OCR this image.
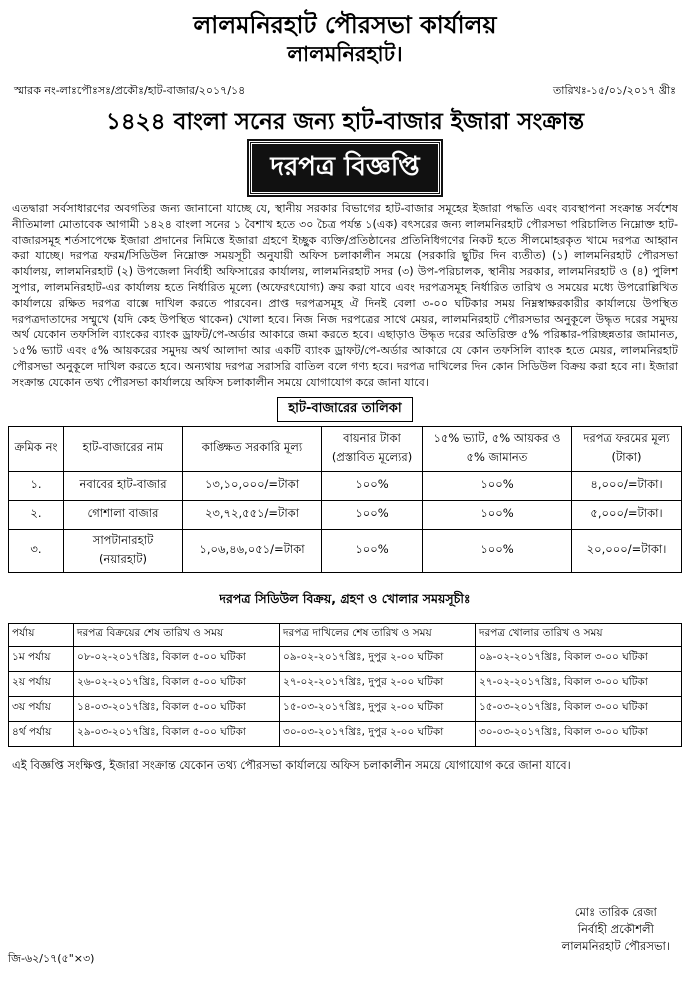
লালমনিরহাট পৌরসভা কার্যালয়
লালমনিরহাট।
স্মারক নং-লাঃপৌঃসঃ/প্রকৌঃ/হাট-বাজার/২০১৭/১৪	তারিখঃ-১৫/০১/২০১৭ খ্রীঃ
১৪২৪ বাংলা সনের জন্য হাট-বাজার ইজারা সংক্রান্ত
দরপত্র বিজ্ঞপ্তি
এতদ্বারা সর্বসাধারণের অবগতির জন্য জানানো যাচ্ছে যে, স্থানীয় সরকার বিভাগের হাট-বাজার সমূহের ইজারা পদ্ধতি এবং ব্যবস্থাপনা সংক্রান্ত সর্বশেষ নীতিমালা মোতাবেক আগামী ১৪২৪ বাংলা সনের ১ বৈশাখ হতে ৩০ চৈত্র পর্যন্ত ১(এক) বৎসরের জন্য লালমনিরহাট পৌরসভা পরিচালিত নিম্নোক্ত হাট-বাজারসমূহ শর্তসাপেক্ষে ইজারা প্রদানের নিমিত্তে ইজারা গ্রহণে ইচ্ছুক ব্যক্তি/প্রতিষ্ঠানের প্রতিনিধিগণের নিকট হতে সীলমোহরকৃত খামে দরপত্র আহ্বান করা যাচ্ছে। দরপত্র ফরম/সিডিউল নিম্নোক্ত সময়সূচী অনুযায়ী অফিস চলাকালীন সময়ে (সরকারি ছুটির দিন ব্যতীত) (১) লালমনিরহাট পৌরসভা কার্যালয়, লালমনিরহাট (২) উপজেলা নির্বাহী অফিসারের কার্যালয়, লালমনিরহাট সদর (৩) উপ-পরিচালক, স্থানীয় সরকার, লালমনিরহাট ও (৪) পুলিশ সুপার, লালমনিরহাট-এর কার্যালয় হতে নির্ধারিত মূল্যে (অফেরৎযোগ্য) ক্রয় করা যাবে এবং দরপত্রসমূহ নির্ধারিত তারিখ ও সময়ের মধ্যে উপরোল্লিখিত কার্যালয়ে রক্ষিত দরপত্র বাক্সে দাখিল করতে পারবেন। প্রাপ্ত দরপত্রসমূহ ঐ দিনই বেলা ৩-০০ ঘটিকার সময় নিম্নস্বাক্ষরকারীর কার্যালয়ে উপস্থিত দরপত্রদাতাদের সম্মুখে (যদি কেহ উপস্থিত থাকেন) খোলা হবে। নিজ নিজ দরপত্রের সাথে মেয়র, লালমনিরহাট পৌরসভার অনুকূলে উদ্ধৃত দরের সমুদয় অর্থ যেকোন তফসিলি ব্যাংকের ব্যাংক ড্রাফট/পে-অর্ডার আকারে জমা করতে হবে। এছাড়াও উদ্ধৃত দরের অতিরিক্ত ৫% পরিষ্কার-পরিচ্ছন্নতার জামানত, ১৫% ভ্যাট এবং ৫% আয়করের সমুদয় অর্থ আলাদা আর একটি ব্যাংক ড্রাফট/পে-অর্ডার আকারে যে কোন তফসিলি ব্যাংক হতে মেয়র, লালমনিরহাট পৌরসভা অনুকূলে দাখিল করতে হবে। অন্যথায় দরপত্র সরাসরি বাতিল বলে গণ্য হবে। দরপত্র দাখিলের দিন কোন সিডিউল বিক্রয় করা হবে না। ইজারা সংক্রান্ত যেকোন তথ্য পৌরসভা কার্যালয়ে অফিস চলাকালীন সময়ে যোগাযোগ করে জানা যাবে।
হাট-বাজারের তালিকা
ক্রমিক নং	হাট-বাজারের নাম	কাঙ্ক্ষিত সরকারি মূল্য	বায়নার টাকা (প্রস্তাবিত মূল্যের)	১৫% ভ্যাট, ৫% আয়কর ও ৫% জামানত	দরপত্র ফরমের মূল্য (টাকা)
১.	নবাবের হাট-বাজার	১৩,১০,০০০/=টাকা	১০০%	১০০%	৪,০০০/=টাকা।
২.	গোশালা বাজার	২৩,৭২,৫৫১/=টাকা	১০০%	১০০%	৫,০০০/=টাকা।
৩.	সাপটানারহাট (নয়ারহাট)	১,০৬,৪৬,০৫১/=টাকা	১০০%	১০০%	২০,০০০/=টাকা।
দরপত্র সিডিউল বিক্রয়, গ্রহণ ও খোলার সময়সূচীঃ
পর্যায়	দরপত্র বিক্রয়ের শেষ তারিখ ও সময়	দরপত্র দাখিলের শেষ তারিখ ও সময়	দরপত্র খোলার তারিখ ও সময়
১ম পর্যায়	০৮-০২-২০১৭খ্রিঃ, বিকাল ৫-০০ ঘটিকা	০৯-০২-২০১৭খ্রিঃ, দুপুর ২-০০ ঘটিকা	০৯-০২-২০১৭খ্রিঃ, বিকাল ৩-০০ ঘটিকা
২য় পর্যায়	২৬-০২-২০১৭খ্রিঃ, বিকাল ৫-০০ ঘটিকা	২৭-০২-২০১৭খ্রিঃ, দুপুর ২-০০ ঘটিকা	২৭-০২-২০১৭খ্রিঃ, বিকাল ৩-০০ ঘটিকা
৩য় পর্যায়	১৪-০৩-২০১৭খ্রিঃ, বিকাল ৫-০০ ঘটিকা	১৫-০৩-২০১৭খ্রিঃ, দুপুর ২-০০ ঘটিকা	১৫-০৩-২০১৭খ্রিঃ, বিকাল ৩-০০ ঘটিকা
৪র্থ পর্যায়	২৯-০৩-২০১৭খ্রিঃ, বিকাল ৫-০০ ঘটিকা	৩০-০৩-২০১৭খ্রিঃ, দুপুর ২-০০ ঘটিকা	৩০-০৩-২০১৭খ্রিঃ, বিকাল ৩-০০ ঘটিকা
এই বিজ্ঞপ্তি সংক্ষিপ্ত, ইজারা সংক্রান্ত যেকোন তথ্য পৌরসভা কার্যালয়ে অফিস চলাকালীন সময়ে যোগাযোগ করে জানা যাবে।
মোঃ তারিক রেজা
নির্বাহী প্রকৌশলী
লালমনিরহাট পৌরসভা।
জি-৬২/১৭(৫"×৩)
